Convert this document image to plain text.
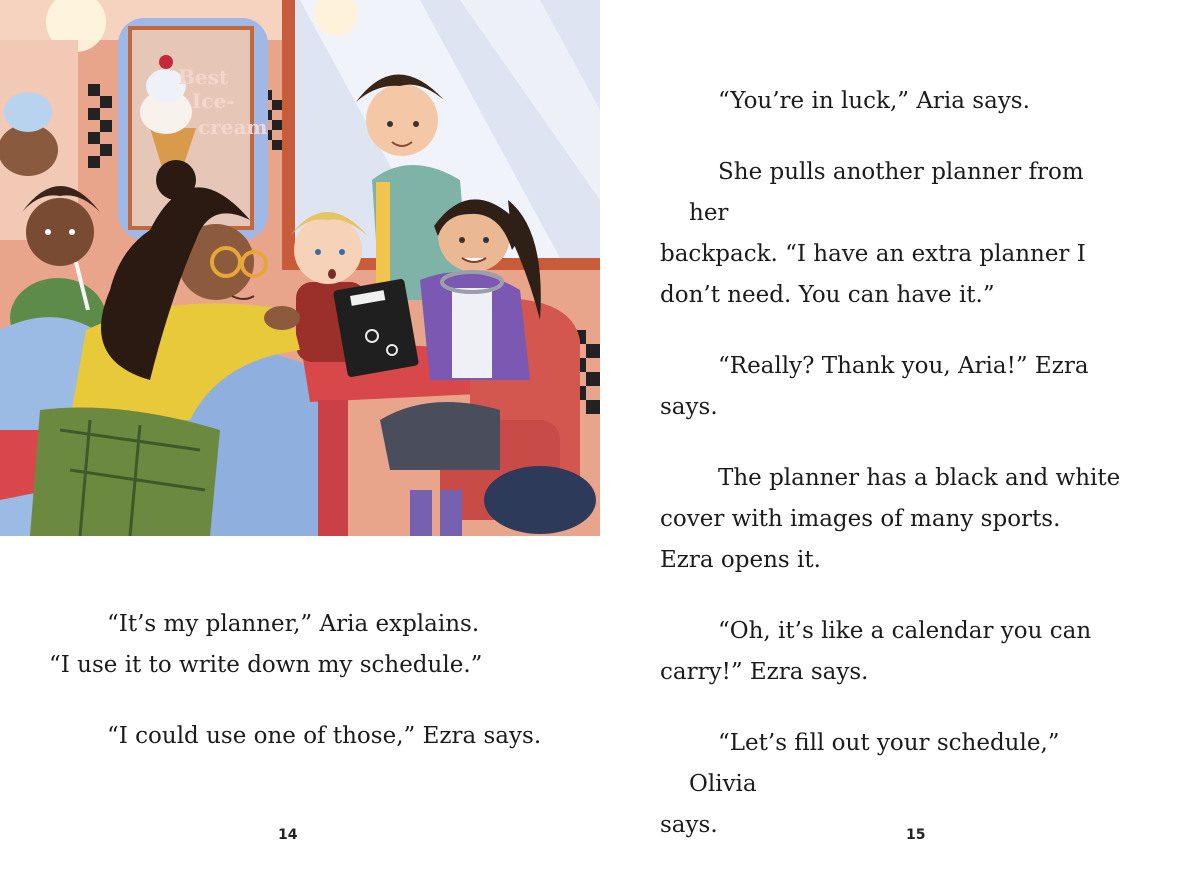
Best
Ice-
cream

“It’s my planner,” Aria explains.
“I use it to write down my schedule.”

“I could use one of those,” Ezra says.

“You’re in luck,” Aria says.

She pulls another planner from her
backpack. “I have an extra planner I
don’t need. You can have it.”

“Really? Thank you, Aria!” Ezra
says.

The planner has a black and white
cover with images of many sports.
Ezra opens it.

“Oh, it’s like a calendar you can
carry!” Ezra says.

“Let’s fill out your schedule,” Olivia
says.

14	15
